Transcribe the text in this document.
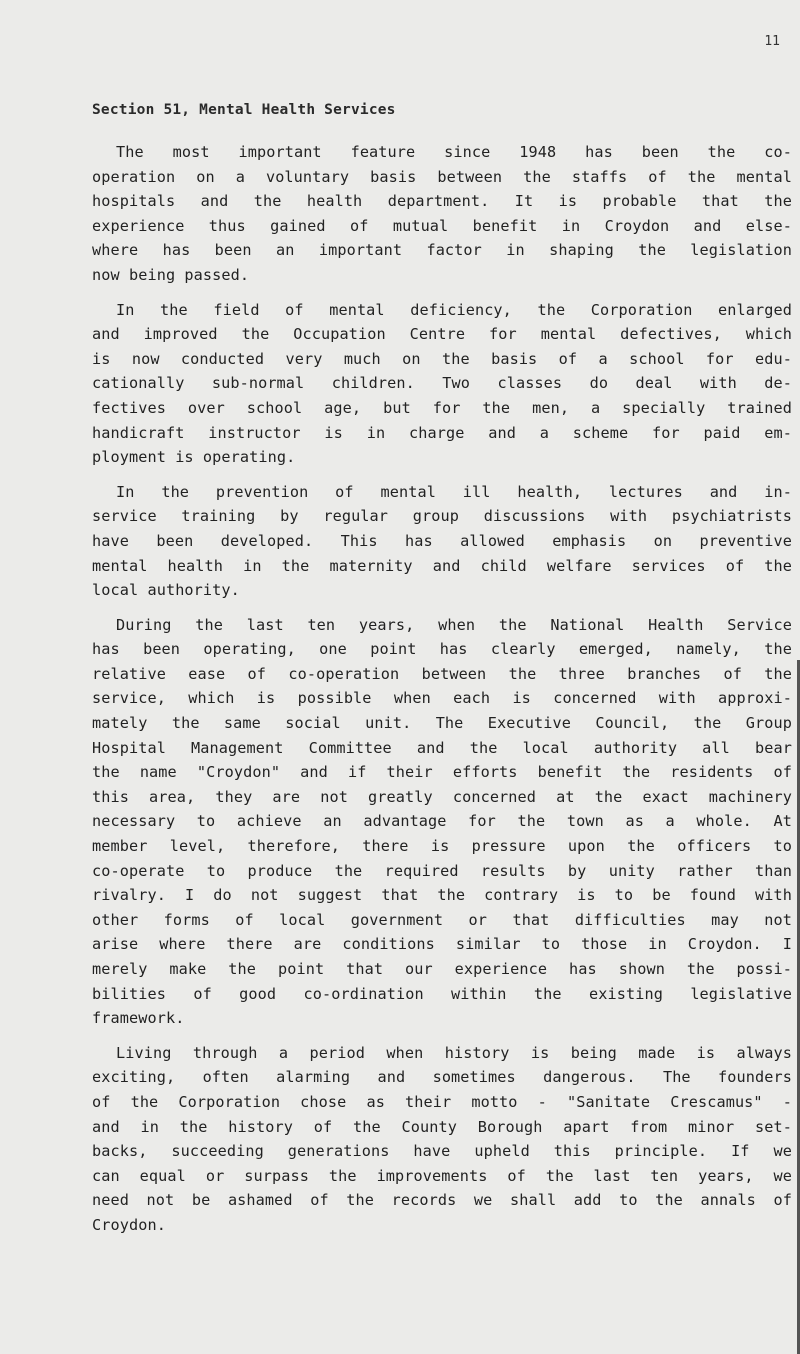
11
Section 51, Mental Health Services

The most important feature since 1948 has been the co-
operation on a voluntary basis between the staffs of the mental
hospitals and the health department. It is probable that the
experience thus gained of mutual benefit in Croydon and else-
where has been an important factor in shaping the legislation
now being passed.

In the field of mental deficiency, the Corporation enlarged
and improved the Occupation Centre for mental defectives, which
is now conducted very much on the basis of a school for edu-
cationally sub-normal children. Two classes do deal with de-
fectives over school age, but for the men, a specially trained
handicraft instructor is in charge and a scheme for paid em-
ployment is operating.

In the prevention of mental ill health, lectures and in-
service training by regular group discussions with psychiatrists
have been developed. This has allowed emphasis on preventive
mental health in the maternity and child welfare services of the
local authority.

During the last ten years, when the National Health Service
has been operating, one point has clearly emerged, namely, the
relative ease of co-operation between the three branches of the
service, which is possible when each is concerned with approxi-
mately the same social unit. The Executive Council, the Group
Hospital Management Committee and the local authority all bear
the name "Croydon" and if their efforts benefit the residents of
this area, they are not greatly concerned at the exact machinery
necessary to achieve an advantage for the town as a whole. At
member level, therefore, there is pressure upon the officers to
co-operate to produce the required results by unity rather than
rivalry. I do not suggest that the contrary is to be found with
other forms of local government or that difficulties may not
arise where there are conditions similar to those in Croydon. I
merely make the point that our experience has shown the possi-
bilities of good co-ordination within the existing legislative
framework.

Living through a period when history is being made is always
exciting, often alarming and sometimes dangerous. The founders
of the Corporation chose as their motto - "Sanitate Crescamus" -
and in the history of the County Borough apart from minor set-
backs, succeeding generations have upheld this principle. If we
can equal or surpass the improvements of the last ten years, we
need not be ashamed of the records we shall add to the annals of
Croydon.
